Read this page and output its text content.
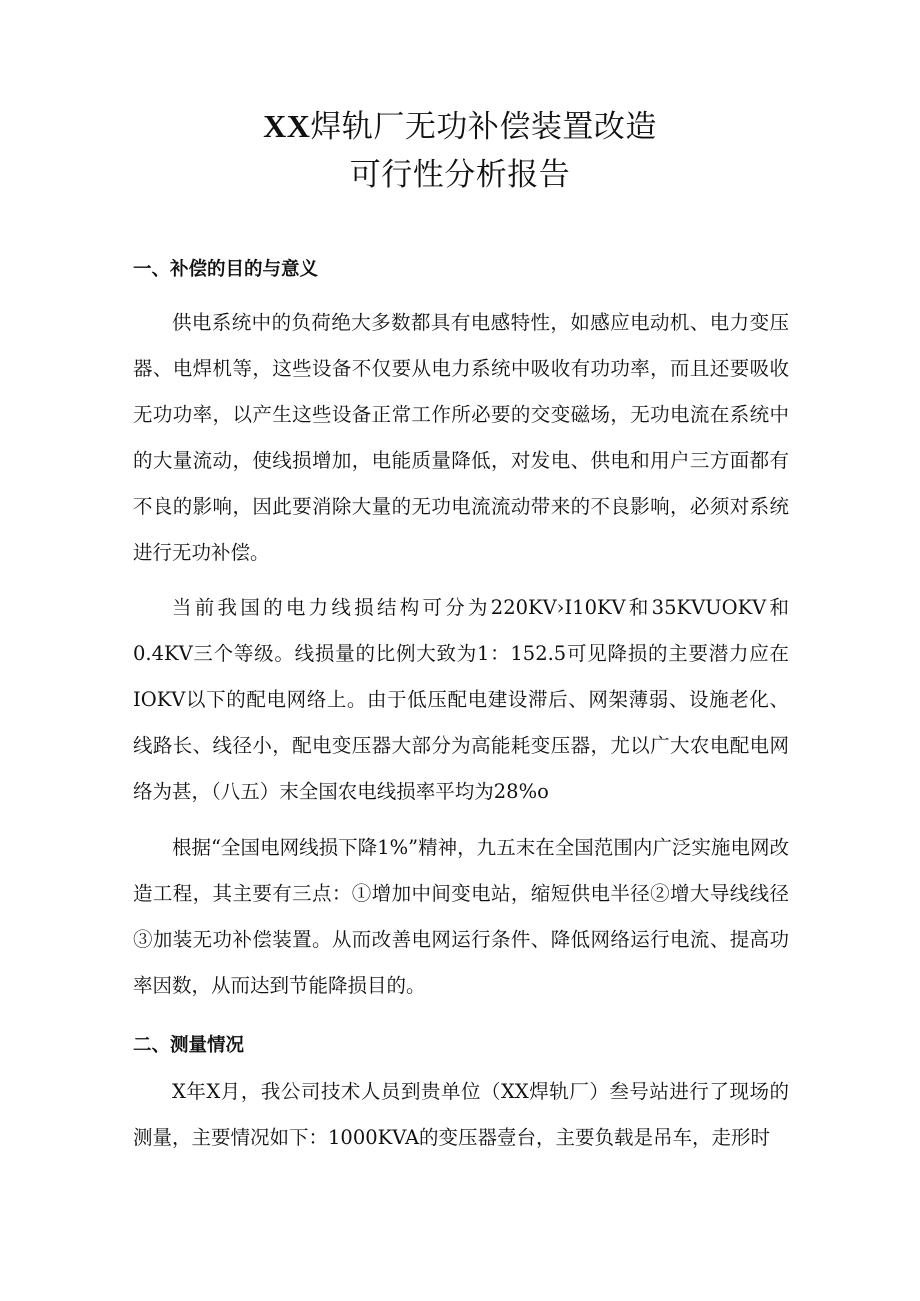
XX焊轨厂无功补偿装置改造
可行性分析报告
一、补偿的目的与意义

供电系统中的负荷绝大多数都具有电感特性，如感应电动机、电力变压器、电焊机等，这些设备不仅要从电力系统中吸收有功功率，而且还要吸收无功功率，以产生这些设备正常工作所必要的交变磁场，无功电流在系统中的大量流动，使线损增加，电能质量降低，对发电、供电和用户三方面都有不良的影响，因此要消除大量的无功电流流动带来的不良影响，必须对系统进行无功补偿。

当前我国的电力线损结构可分为220KV›I10KV和35KVUOKV和0.4KV三个等级。线损量的比例大致为1：152.5可见降损的主要潜力应在IOKV以下的配电网络上。由于低压配电建设滞后、网架薄弱、设施老化、线路长、线径小，配电变压器大部分为高能耗变压器，尤以广大农电配电网络为甚，（八五）末全国农电线损率平均为28%o

根据“全国电网线损下降1%”精神，九五末在全国范围内广泛实施电网改造工程，其主要有三点：①增加中间变电站，缩短供电半径②增大导线线径③加装无功补偿装置。从而改善电网运行条件、降低网络运行电流、提高功率因数，从而达到节能降损目的。

二、测量情况

X年X月，我公司技术人员到贵单位（XX焊轨厂）叁号站进行了现场的测量，主要情况如下：1000KVA的变压器壹台，主要负载是吊车，走形时
